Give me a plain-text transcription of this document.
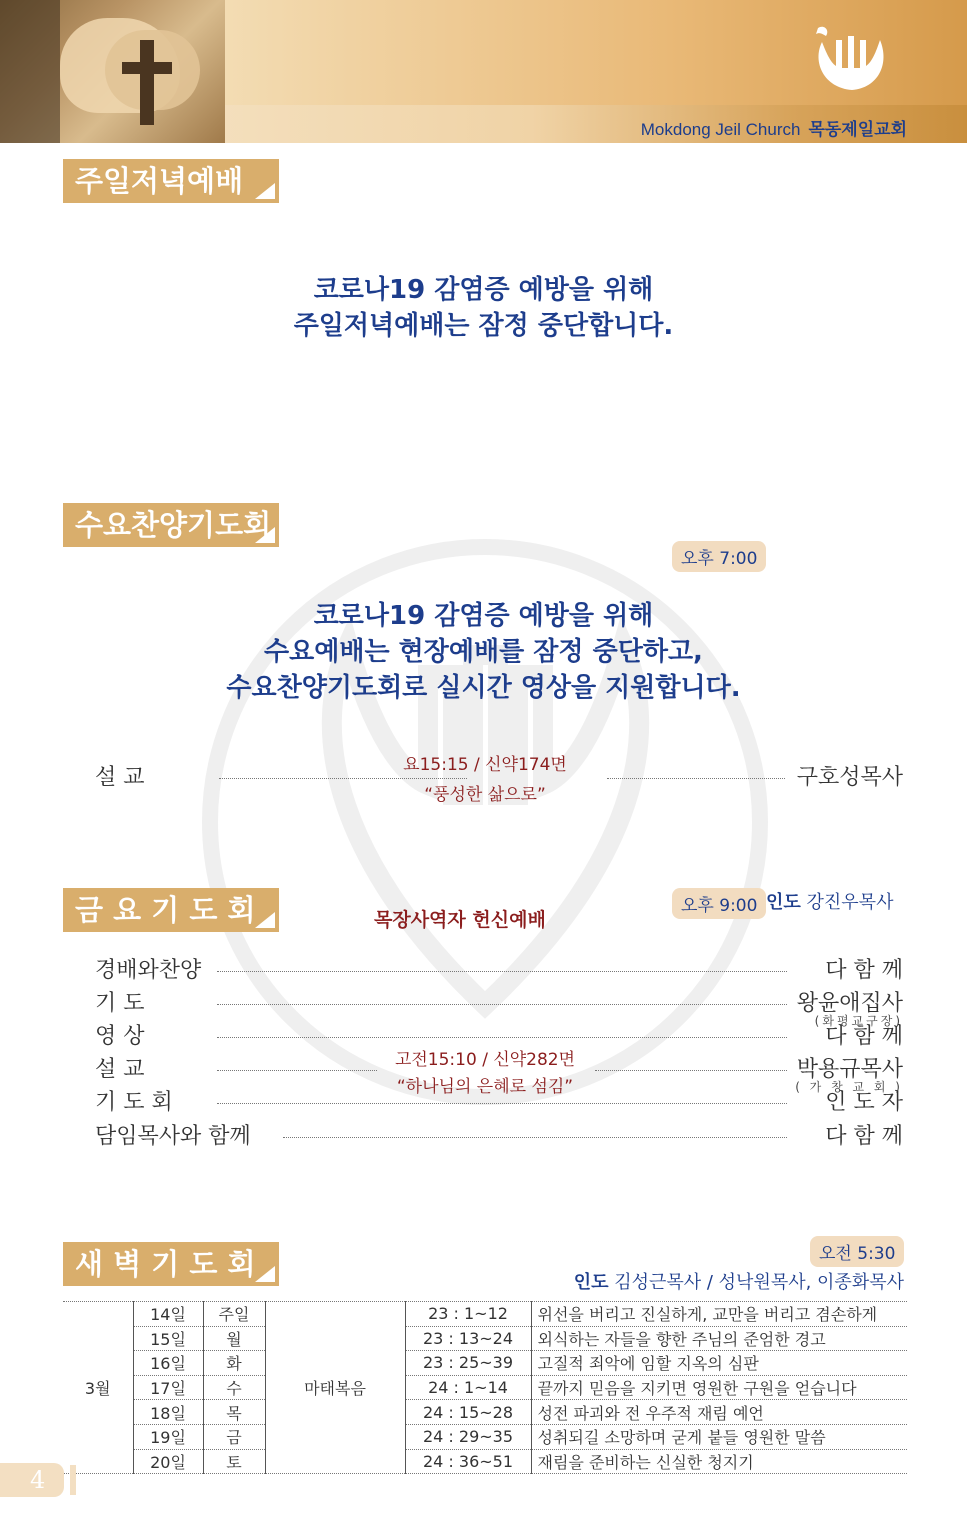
Mokdong Jeil Church 목동제일교회
주일저녁예배
코로나19 감염증 예방을 위해
주일저녁예배는 잠정 중단합니다.
수요찬양기도회
오후 7:00
코로나19 감염증 예방을 위해
수요예배는 현장예배를 잠정 중단하고,
수요찬양기도회로 실시간 영상을 지원합니다.
설 교	구호성목사
요15:15 / 신약174면
“풍성한 삶으로”
금 요 기 도 회	오후 9:00 인도 강진우목사
목장사역자 헌신예배
경배와찬양	다 함 께
기 도	왕윤애집사
(화평교구장)
영 상	다 함 께
설 교	박용규목사
( 가 창 교 회 )
기 도 회	인 도 자
담임목사와 함께	다 함 께
고전15:10 / 신약282면
“하나님의 은혜로 섬김”
새 벽 기 도 회	오전 5:30
인도 김성근목사 / 성낙원목사, 이종화목사
3월	14일	주일	마태복음	23 : 1~12	위선을 버리고 진실하게, 교만을 버리고 겸손하게
	15일	월		23 : 13~24	외식하는 자들을 향한 주님의 준엄한 경고
	16일	화		23 : 25~39	고질적 죄악에 임할 지옥의 심판
	17일	수		24 : 1~14	끝까지 믿음을 지키면 영원한 구원을 얻습니다
	18일	목		24 : 15~28	성전 파괴와 전 우주적 재림 예언
	19일	금		24 : 29~35	성취되길 소망하며 굳게 붙들 영원한 말씀
	20일	토		24 : 36~51	재림을 준비하는 신실한 청지기
4
